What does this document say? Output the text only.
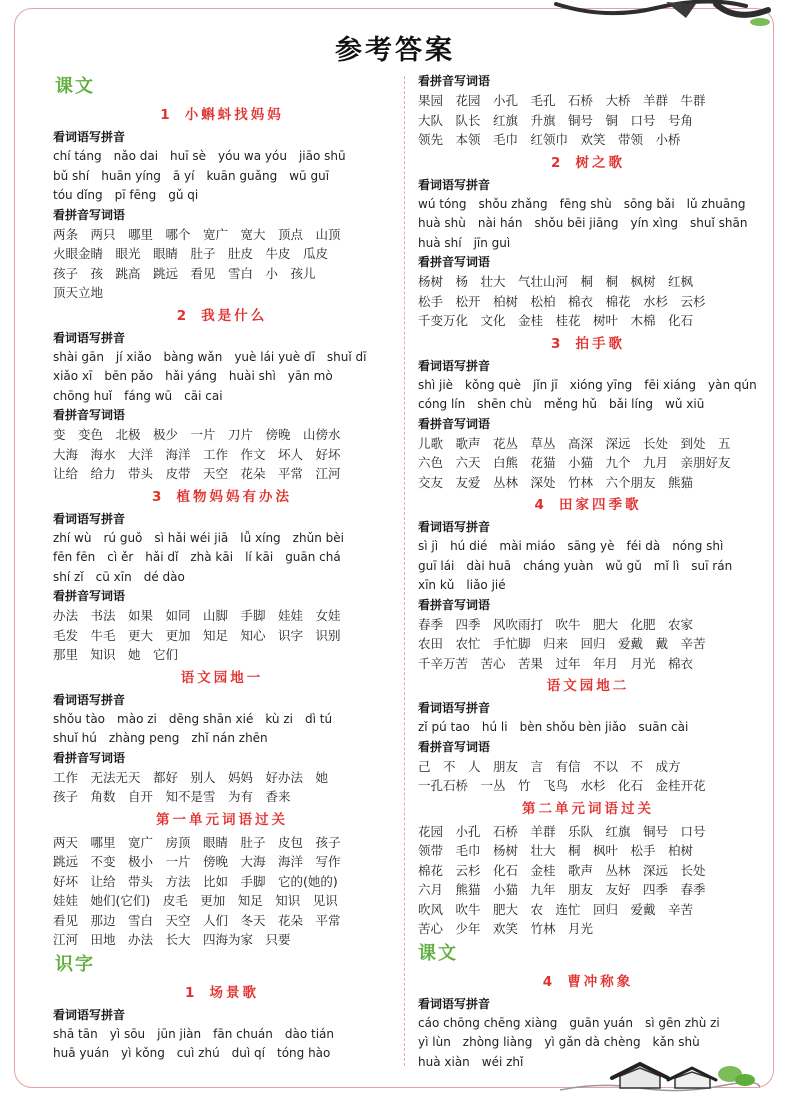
参考答案
课文
1 小蝌蚪找妈妈
看词语写拼音
chí táng　nǎo dai　huī sè　yóu wa yóu　jiāo shū
bǔ shí　huān yíng　ā yí　kuān guǎng　wū guī
tóu dǐng　pī fēng　gǔ qi
看拼音写词语
两条　两只　哪里　哪个　宽广　宽大　顶点　山顶
火眼金睛　眼光　眼睛　肚子　肚皮　牛皮　瓜皮
孩子　孩　跳高　跳远　看见　雪白　小　孩儿
顶天立地
2 我是什么
看词语写拼音
shài gān　jí xiǎo　bàng wǎn　yuè lái yuè dī　shuǐ dī
xiǎo xī　bēn pǎo　hǎi yáng　huài shì　yān mò
chōng huǐ　fáng wū　cāi cai
看拼音写词语
变　变色　北极　极少　一片　刀片　傍晚　山傍水
大海　海水　大洋　海洋　工作　作文　坏人　好坏
让给　给力　带头　皮带　天空　花朵　平常　江河
3 植物妈妈有办法
看词语写拼音
zhí wù　rú guǒ　sì hǎi wéi jiā　lǚ xíng　zhǔn bèi
fēn fēn　cì ěr　hǎi dǐ　zhà kāi　lí kāi　guān chá
shí zǐ　cū xīn　dé dào
看拼音写词语
办法　书法　如果　如同　山脚　手脚　娃娃　女娃
毛发　牛毛　更大　更加　知足　知心　识字　识别
那里　知识　她　它们
语文园地一
看词语写拼音
shǒu tào　mào zi　dēng shān xié　kù zi　dì tú
shuǐ hú　zhàng peng　zhǐ nán zhēn
看拼音写词语
工作　无法无天　都好　别人　妈妈　好办法　她
孩子　角数　自开　知不是雪　为有　香来
第一单元词语过关
两天　哪里　宽广　房顶　眼睛　肚子　皮包　孩子
跳远　不变　极小　一片　傍晚　大海　海洋　写作
好坏　让给　带头　方法　比如　手脚　它的(她的)
娃娃　她们(它们)　皮毛　更加　知足　知识　见识
看见　那边　雪白　天空　人们　冬天　花朵　平常
江河　田地　办法　长大　四海为家　只要
识字
1 场景歌
看词语写拼音
shā tān　yì sōu　jūn jiàn　fān chuán　dào tián
huā yuán　yì kǒng　cuì zhú　duì qí　tóng hào
看拼音写词语
果园　花园　小孔　毛孔　石桥　大桥　羊群　牛群
大队　队长　红旗　升旗　铜号　铜　口号　号角
领先　本领　毛巾　红领巾　欢笑　带领　小桥
2 树之歌
看词语写拼音
wú tóng　shǒu zhǎng　fēng shù　sōng bǎi　lǔ zhuāng
huà shù　nài hán　shǒu bēi jiāng　yín xìng　shuǐ shān
huà shí　jīn guì
看拼音写词语
杨树　杨　壮大　气壮山河　桐　桐　枫树　红枫
松手　松开　柏树　松柏　棉衣　棉花　水杉　云杉
千变万化　文化　金桂　桂花　树叶　木棉　化石
3 拍手歌
看词语写拼音
shì jiè　kǒng què　jǐn jī　xióng yīng　fēi xiáng　yàn qún
cóng lín　shēn chù　měng hǔ　bǎi líng　wǔ xiū
看拼音写词语
儿歌　歌声　花丛　草丛　高深　深远　长处　到处　五
六色　六天　白熊　花猫　小猫　九个　九月　亲朋好友
交友　友爱　丛林　深处　竹林　六个朋友　熊猫
4 田家四季歌
看词语写拼音
sì jì　hú dié　mài miáo　sāng yè　féi dà　nóng shì
guī lái　dài huā　cháng yuàn　wǔ gǔ　mǐ lì　suī rán
xīn kǔ　liǎo jié
看拼音写词语
春季　四季　风吹雨打　吹牛　肥大　化肥　农家
农田　农忙　手忙脚　归来　回归　爱戴　戴　辛苦
千辛万苦　苦心　苦果　过年　年月　月光　棉衣
语文园地二
看词语写拼音
zǐ pú tao　hú li　bèn shǒu bèn jiǎo　suān cài
看拼音写词语
己　不　人　朋友　言　有信　不以　不　成方
一孔石桥　一丛　竹　飞鸟　水杉　化石　金桂开花
第二单元词语过关
花园　小孔　石桥　羊群　乐队　红旗　铜号　口号
领带　毛巾　杨树　壮大　桐　枫叶　松手　柏树
棉花　云杉　化石　金桂　歌声　丛林　深远　长处
六月　熊猫　小猫　九年　朋友　友好　四季　春季
吹风　吹牛　肥大　农　连忙　回归　爱戴　辛苦
苦心　少年　欢笑　竹林　月光
课文
4 曹冲称象
看词语写拼音
cáo chōng chēng xiàng　guān yuán　sì gēn zhù zi
yì lùn　zhòng liàng　yì gǎn dà chèng　kǎn shù
huà xiàn　wéi zhǐ
